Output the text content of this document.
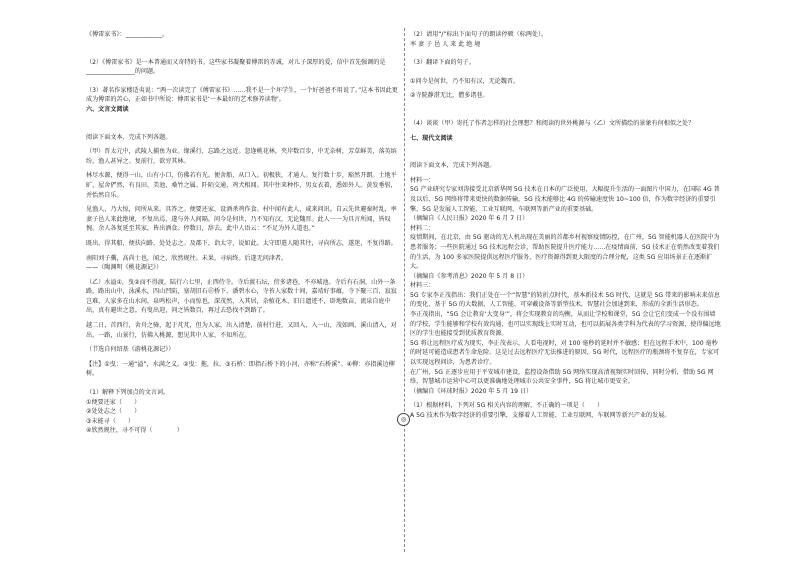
◎

《傅雷家书》：____________。

（2）《傅雷家书》是一本普通而又奇特的书。这些家书凝聚着傅雷的赤诚，对儿子深厚的爱，信中首先强调的是________________的问题。

（3）著名作家楼适夷说：“两一次读完了《傅雷家书》……我不是一个坏学生，一个好爸爸不用说了。”这本书因此更成为傅雷的苦心，正如书中所说：傅雷家书是‘一本最好的艺术修养读物’。

六、文言文阅读

阅读下面文本，完成下列各题。

（甲）晋太元中，武陵人捕鱼为业。缘溪行，忘路之远近。忽逢桃花林，夹岸数百步，中无杂树，芳草鲜美，落英缤纷。渔人甚异之。复前行，欲穷其林。

林尽水源，便得一山，山有小口，仿佛若有光。便舍船，从口入。初极狭，才通人。复行数十步，豁然开朗。土地平旷，屋舍俨然，有良田、美池、桑竹之属。阡陌交通，鸡犬相闻。其中往来种作，男女衣着，悉如外人。黄发垂髫，并怡然自乐。

见渔人，乃大惊，问所从来。具答之。便要还家，设酒杀鸡作食。村中闻有此人，咸来问讯。自云先世避秦时乱，率妻子邑人来此绝境，不复出焉，遂与外人间隔。问今是何世，乃不知有汉，无论魏晋。此人一一为具言所闻，皆叹惋。余人各复延至其家，皆出酒食。停数日，辞去。此中人语云：“不足为外人道也。”

既出，得其船，便扶向路，处处志之。及郡下，诣太守，说如此。太守即遣人随其往，寻向所志，遂迷，不复得路。

南阳刘子骥，高尚士也，闻之，欣然规往。未果，寻病终。后遂无问津者。

——（陶渊明《桃花源记》）

（乙）水溢①，曳②而不得渡，陆行六七里，止西侍寺。寺后渡石坛，傍多诸巷，不亦城池。寺后有石洞，山外一条路。路出山中，泳溪水，四山凹陷，塞胡旧石㊣桥下，潘碧水心，寺苔人家数十间，嘉靖好事蕴，寺下聚三百，寂寂岂难，人家多在山水间，泉鸣松声，小而惊也，深茂然，入其居，杂植花木，旧日遗迹不，辟地数亩，流泉自庭中出，真有避世之意。有叟出迎，问之皆数百，再过去恐找不到路了。

越二日，首西行，舍舟之骑，起于芃芃，但为人家，出入清楚，前村行进，又回入，入一山，茂如画，溪山清入，对出，一路，山景行，仿佛入桃源，想见其中人家，不知所在。

（节选自何绍基《游桃花源记》）

【注】①曳：一通“溢”，水满之义。②曳：拖，拉。③石桥：即指石桥下的小河，亦称“石桥溪”。④柳：亦指溪边柳树。

（1）解释下列加点的文言词。

①便要还家（　　）

②处处志之（　　）

③未能寻（　　）

④欣然规往，寻不可得（　　　　）

（2）请用“/”标出下面句子的朗读停顿（标两处）。

率 妻 子 邑 人 来 此 绝 境

（3）翻译下面的句子。

①问今是何世，乃不知有汉，无论魏晋。

②寺院静湛无比，僧多诸巷。

（4）谈谈（甲）寄托了作者怎样的社会理想？和阅读的世外桃源与（乙）文所描绘的景象有何相似之处？

七、现代文阅读

阅读下面文本，完成下列各题。

材料一：

5G 产业研究专家刘涛接受北京新华网 5G 技术在日本的广泛使用，大幅提升生活的一面图片中国力，在国际 4G 普及以后，5G 网络将带来更快的数据传输，5G 技术能够比 4G 的传输速度快 10~100 倍，作为数字经济的重要引擎，5G 是发展人工智能、工业互联网、车联网等新产业的重要基础。

（摘编自《人民日报》2020 年 6 月 7 日）

材料二：

疫情期间，在北京，由 5G 驱动的无人机出现在美丽的首都乡村视察疫情防控，在广州，5G 智能机器人在医院中为患者服务；一些医院通过 5G 技术远程会诊，帮助医院提升医疗能力……在疫情面前，5G 技术正在悄然改变着我们的生活，为 100 多家医院提供远程医疗服务，医疗资源得到更大限度的合理分配，这类 5G 应用场景正在逐渐扩大。

（摘编自《参考消息》2020 年 5 月 8 日）

材料三：

5G 专家李正茂指出：我们正处在一个“智慧”的转折点时代，基本新技术 5G 时代，这就是 5G 带来的影响未来信息的变化，基于 5G 的大数据、人工智能、可穿戴设备等新型技术，智慧社会加速到来，形成的全新生活形态。

李正茂指出，“5G 会让教育‘大变身’”，将会实现教育的均衡，从而让学校和课堂，5G 会让它们变成一个没有围墙的学校，学生能够和学校有效沟通，也可以实现线上实时互动，也可以拓展各类学科为代表的学习资源，使得偏远地区的学生也能接受到优质教育资源。

5G 将让远程医疗成为现实，李正茂表示，人看电视时，对 100 毫秒的延时并不敏感；但在远程手术中，100 毫秒的时延可能造成患者生命危险。这是过去远程医疗无法推进的原因，5G 时代，远程医疗的瓶颈将不复存在，专家可以实现远程问诊，为患者诊疗。

在广州，5G 正逐步应用于平安城市建设，监控设备借助 5G 网络实现高清视频实时回传，同时分析，借助 5G 网络，智慧城市运营中心可以更准确地处理城市公共安全事件，5G 将让城市更安全。

（摘编自《环球时报》2020 年 5 月 19 日）

（1）根据材料，下列对 5G 相关内容的理解，不正确的一项是（　　）

A 5G 技术作为数字经济的重要引擎，支撑着人工智能、工业互联网、车联网等新兴产业的发展。
